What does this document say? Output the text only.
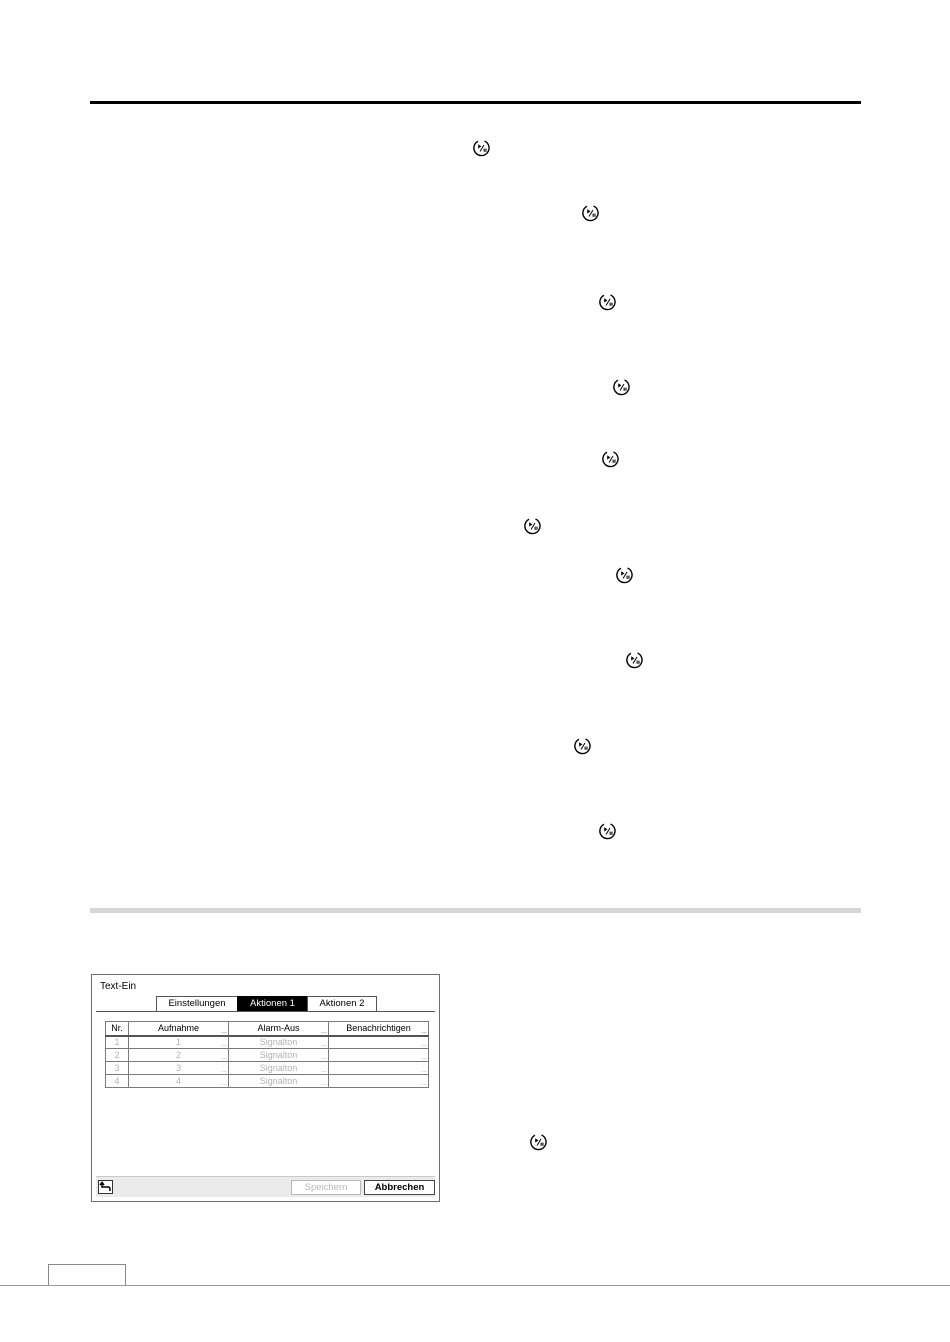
Text-Ein
Einstellungen	Aktionen 1	Aktionen 2
Nr.	Aufnahme ...	Alarm-Aus ...	Benachrichtigen ...

1	1 ...	Signalton ...	...

2	2 ...	Signalton ...	...

3	3 ...	Signalton ...	...

4	4 ...	Signalton ...	...
Speichern	Abbrechen
